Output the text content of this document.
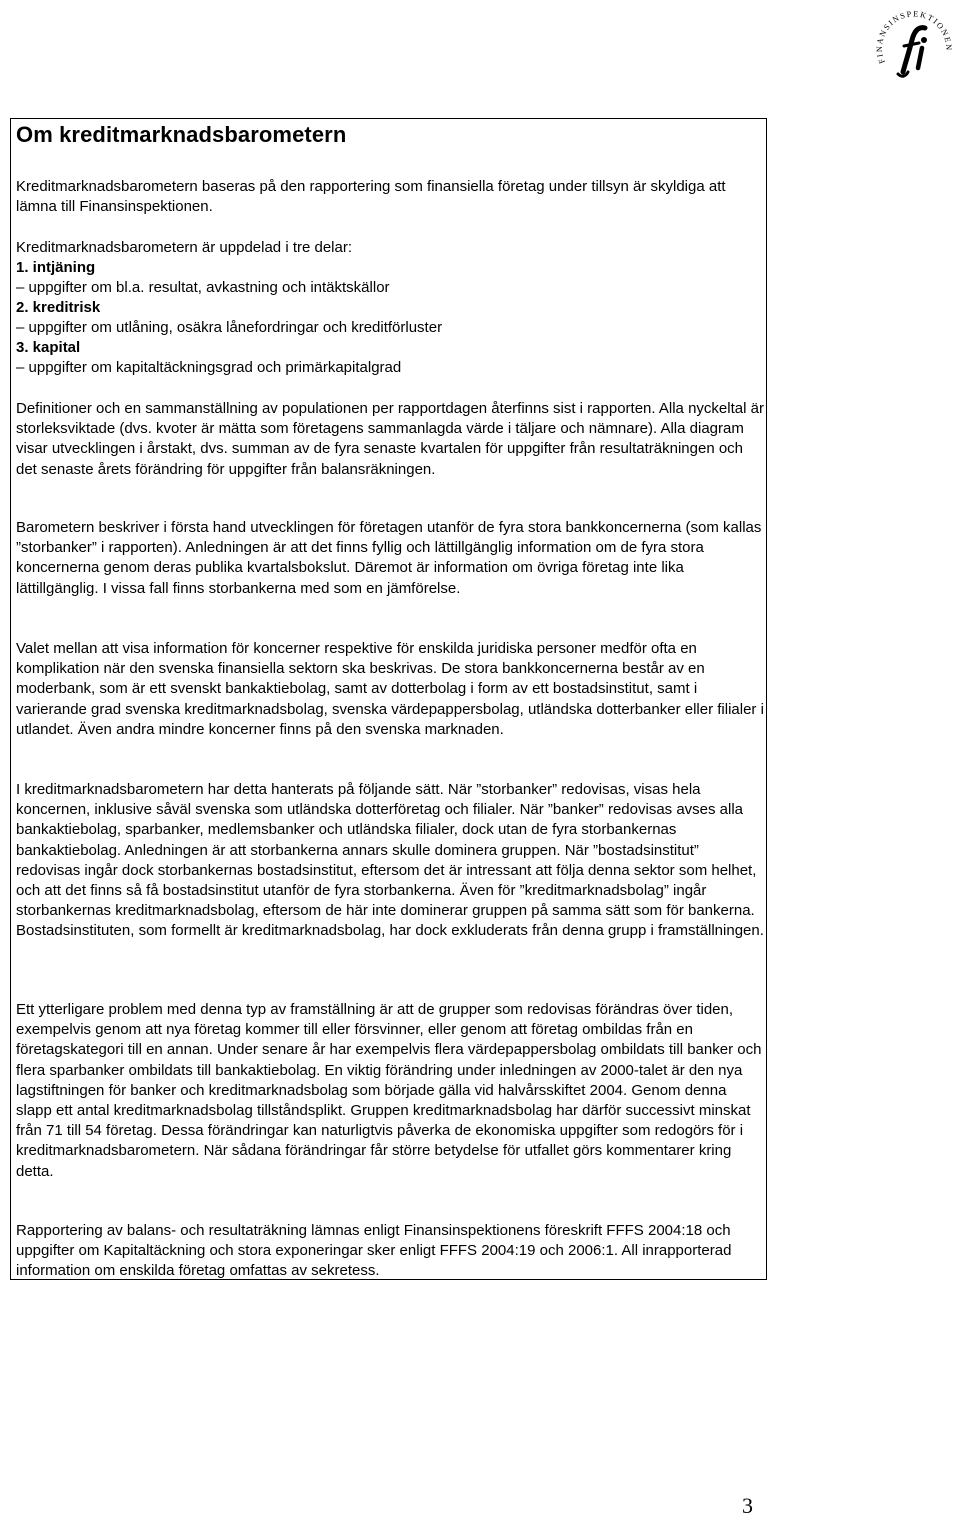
FINANSINSPEKTIONEN
Om kreditmarknadsbarometern

Kreditmarknadsbarometern baseras på den rapportering som finansiella företag under tillsyn är skyldiga att lämna till Finansinspektionen.

Kreditmarknadsbarometern är uppdelad i tre delar:

1. intjäning

– uppgifter om bl.a. resultat, avkastning och intäktskällor

2. kreditrisk

– uppgifter om utlåning, osäkra lånefordringar och kreditförluster

3. kapital

– uppgifter om kapitaltäckningsgrad och primärkapitalgrad

Definitioner och en sammanställning av populationen per rapportdagen återfinns sist i rapporten. Alla nyckeltal är storleksviktade (dvs. kvoter är mätta som företagens sammanlagda värde i täljare och nämnare). Alla diagram visar utvecklingen i årstakt, dvs. summan av de fyra senaste kvartalen för uppgifter från resultaträkningen och det senaste årets förändring för uppgifter från balansräkningen.

Barometern beskriver i första hand utvecklingen för företagen utanför de fyra stora bankkoncernerna (som kallas ”storbanker” i rapporten). Anledningen är att det finns fyllig och lättillgänglig information om de fyra stora koncernerna genom deras publika kvartalsbokslut. Däremot är information om övriga företag inte lika lättillgänglig. I vissa fall finns storbankerna med som en jämförelse.

Valet mellan att visa information för koncerner respektive för enskilda juridiska personer medför ofta en komplikation när den svenska finansiella sektorn ska beskrivas. De stora bankkoncernerna består av en moderbank, som är ett svenskt bankaktiebolag, samt av dotterbolag i form av ett bostadsinstitut, samt i varierande grad svenska kreditmarknadsbolag, svenska värdepappersbolag, utländska dotterbanker eller filialer i utlandet. Även andra mindre koncerner finns på den svenska marknaden.

I kreditmarknadsbarometern har detta hanterats på följande sätt. När ”storbanker” redovisas, visas hela koncernen, inklusive såväl svenska som utländska dotterföretag och filialer. När ”banker” redovisas avses alla bankaktiebolag, sparbanker, medlemsbanker och utländska filialer, dock utan de fyra storbankernas bankaktiebolag. Anledningen är att storbankerna annars skulle dominera gruppen. När ”bostadsinstitut” redovisas ingår dock storbankernas bostadsinstitut, eftersom det är intressant att följa denna sektor som helhet, och att det finns så få bostadsinstitut utanför de fyra storbankerna. Även för ”kreditmarknadsbolag” ingår storbankernas kreditmarknadsbolag, eftersom de här inte dominerar gruppen på samma sätt som för bankerna. Bostadsinstituten, som formellt är kreditmarknadsbolag, har dock exkluderats från denna grupp i framställningen.

Ett ytterligare problem med denna typ av framställning är att de grupper som redovisas förändras över tiden, exempelvis genom att nya företag kommer till eller försvinner, eller genom att företag ombildas från en företagskategori till en annan. Under senare år har exempelvis flera värdepappersbolag ombildats till banker och flera sparbanker ombildats till bankaktiebolag. En viktig förändring under inledningen av 2000-talet är den nya lagstiftningen för banker och kreditmarknadsbolag som började gälla vid halvårsskiftet 2004. Genom denna slapp ett antal kreditmarknadsbolag tillståndsplikt. Gruppen kreditmarknadsbolag har därför successivt minskat från 71 till 54 företag. Dessa förändringar kan naturligtvis påverka de ekonomiska uppgifter som redogörs för i kreditmarknadsbarometern. När sådana förändringar får större betydelse för utfallet görs kommentarer kring detta.

Rapportering av balans- och resultaträkning lämnas enligt Finansinspektionens föreskrift FFFS 2004:18 och uppgifter om Kapitaltäckning och stora exponeringar sker enligt FFFS 2004:19 och 2006:1. All inrapporterad information om enskilda företag omfattas av sekretess.

3
